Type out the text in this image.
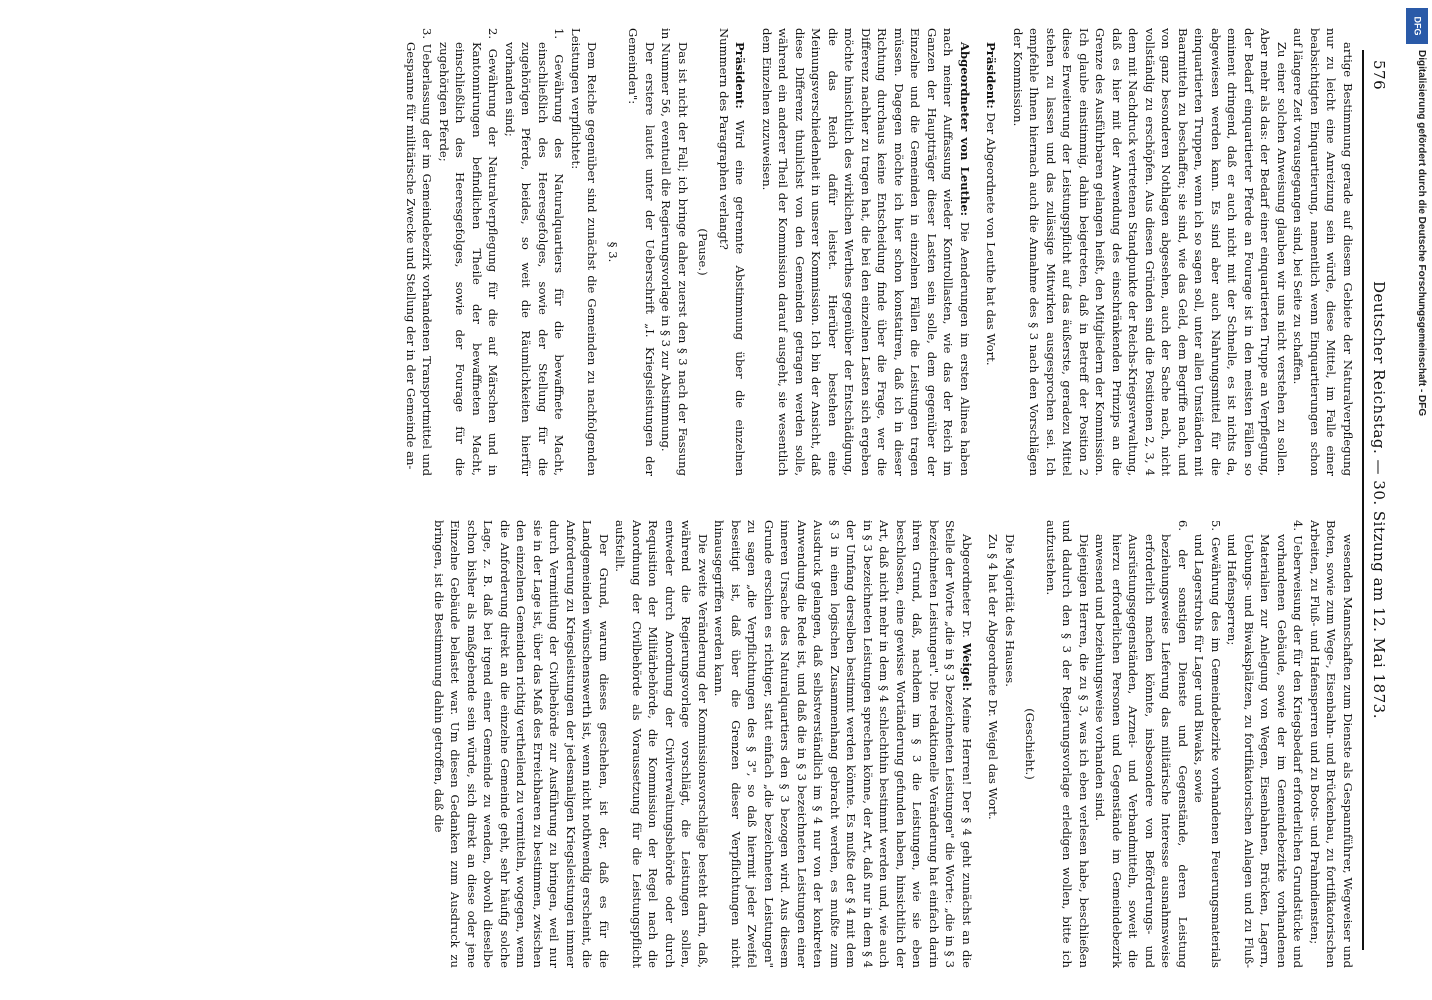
576
Deutscher Reichstag. — 30. Sitzung am 12. Mai 1873.

artige Bestimmung gerade auf diesem Gebiete der Naturalverpflegung nur zu leicht eine Anreizung sein würde, diese Mittel, im Falle einer beabsichtigten Einquartierung, namentlich wenn Einquartierungen schon auf längere Zeit vorausgegangen sind, bei Seite zu schaffen.

Zu einer solchen Anweisung glauben wir uns nicht verstehen zu sollen. Aber mehr als das: der Bedarf einer einquartierten Truppe an Verpflegung, der Bedarf einquartierter Pferde an Fourage ist in den meisten Fällen so eminent dringend, daß er auch nicht mit der Schnelle, es ist nichts da, abgewiesen werden kann. Es sind aber auch Nahrungsmittel für die einquartierten Truppen, wenn ich so sagen soll, unter allen Umständen mit Baarmitteln zu beschaffen; sie sind, wie das Geld, dem Begriffe nach, und von ganz besonderen Nothlagen abgesehen, auch der Sache nach, nicht vollständig zu erschöpfen. Aus diesen Gründen sind die Positionen 2, 3, 4 dem mit Nachdruck vertretenen Standpunkte der Reichs-Kriegsverwaltung, daß es hier mit der Anwendung des einschränkenden Prinzips an die Grenze des Ausführbaren gelangen heißt, den Mitgliedern der Kommission. Ich glaube einstimmig, dahin beigetreten, daß in Betreff der Position 2 diese Erweiterung der Leistungspflicht auf das äußerste, geradezu Mittel stehen zu lassen und das zulässige Mitwirken ausgesprochen sei. Ich empfehle Ihnen hiernach auch die Annahme des § 3 nach den Vorschlägen der Kommission.

Präsident: Der Abgeordnete von Leuthe hat das Wort.

Abgeordneter von Leuthe: Die Aenderungen im ersten Alinea haben nach meiner Auffassung wieder Kontrolllasten, wie das der Reich im Ganzen der Hauptträger dieser Lasten sein solle, dem gegenüber der Einzelne und die Gemeinden in einzelnen Fällen die Leistungen tragen müssen. Dagegen möchte ich hier schon konstatiren, daß ich in dieser Richtung durchaus keine Entscheidung finde über die Frage, wer die Differenz nachher zu tragen hat, die bei den einzelnen Lasten sich ergeben möchte hinsichtlich des wirklichen Werthes gegenüber der Entschädigung, die das Reich dafür leistet. Hierüber bestehen eine Meinungsverschiedenheit in unserer Kommission. Ich bin der Ansicht, daß diese Differenz thunlichst von den Gemeinden getragen werden solle, während ein anderer Theil der Kommission darauf ausgeht, sie wesentlich dem Einzelnen zuzuweisen.

Präsident: Wird eine getrennte Abstimmung über die einzelnen Nummern des Paragraphen verlangt?

(Pause.)

Das ist nicht der Fall; ich bringe daher zuerst den § 3 nach der Fassung in Nummer 56, eventuell die Regierungsvorlage in § 3 zur Abstimmung.

Der erstere lautet unter der Ueberschrift „I. Kriegsleistungen der Gemeinden":

§ 3.

Dem Reiche gegenüber sind zunächst die Gemeinden zu nachfolgenden Leistungen verpflichtet:

1. Gewährung des Naturalquartiers für die bewaffnete Macht, einschließlich des Heeresgefolges, sowie der Stellung für die zugehörigen Pferde, beides, so weit die Räumlichkeiten hierfür vorhanden sind;

2. Gewährung der Naturalverpflegung für die auf Märschen und in Kantonnirungen befindlichen Theile der bewaffneten Macht, einschließlich des Heeresgefolges, sowie der Fourage für die zugehörigen Pferde;

3. Ueberlassung der im Gemeindebezirk vorhandenen Transportmittel und Gespanne für militärische Zwecke und Stellung der in der Gemeinde an-

wesenden Mannschaften zum Dienste als Gespannführer, Wegweiser und Boten, sowie zum Wege-, Eisenbahn- und Brückenbau, zu fortifikatorischen Arbeiten, zu Fluß- und Hafensperren und zu Boots- und Prahmdiensten;

4. Ueberweisung der für den Kriegsbedarf erforderlichen Grundstücke und vorhandenen Gebäude, sowie der im Gemeindebezirke vorhandenen Materialien zur Anlegung von Wegen, Eisenbahnen, Brücken, Lagern, Uebungs- und Biwaksplätzen, zu fortifikatorischen Anlagen und zu Fluß- und Hafensperren;

5. Gewährung des im Gemeindebezirke vorhandenen Feuerungsmaterials und Lagerstrohs für Lager und Biwaks, sowie

6. der sonstigen Dienste und Gegenstände, deren Leistung beziehungsweise Lieferung das militärische Interesse ausnahmsweise erforderlich machen könnte, insbesondere von Beförderungs- und Ausrüstungsgegenständen, Arznei- und Verbandmitteln, soweit die hierzu erforderlichen Personen und Gegenstände im Gemeindebezirk anwesend und beziehungsweise vorhanden sind.

Diejenigen Herren, die zu § 3, was ich eben verlesen habe, beschließen und dadurch den § 3 der Regierungsvorlage erledigen wollen, bitte ich aufzustehen.

(Geschieht.)

Die Majorität des Hauses.

Zu § 4 hat der Abgeordnete Dr. Weigel das Wort.

Abgeordneter Dr. Weigel: Meine Herren! Der § 4 geht zunächst an die Stelle der Worte „die in § 3 bezeichneten Leistungen" die Worte: „die in § 3 bezeichneten Leistungen". Die redaktionelle Veränderung hat einfach darin ihren Grund, daß, nachdem im § 3 die Leistungen, wie sie eben beschlossen, eine gewisse Wortänderung gefunden haben, hinsichtlich der Art, daß nicht mehr in dem § 4 schlechthin bestimmt werden und, wie auch in § 3 bezeichneten Leistungen sprechen könne, der Art, daß nur in dem § 4 der Umfang derselben bestimmt werden könnte. Es mußte der § 4 mit dem § 3 in einen logischen Zusammenhang gebracht werden, es mußte zum Ausdruck gelangen, daß selbstverständlich im § 4 nur von der konkreten Anwendung die Rede ist, und daß die in § 3 bezeichneten Leistungen einer inneren Ursache des Naturalquartiers den § 3 bezogen wird. Aus diesem Grunde erschien es richtiger, statt einfach „die bezeichneten Leistungen" zu sagen „die Verpflichtungen des § 3", so daß hiermit jeder Zweifel beseitigt ist, daß über die Grenzen dieser Verpflichtungen nicht hinausgegriffen werden kann.

Die zweite Veränderung der Kommissionsvorschläge besteht darin, daß, während die Regierungsvorlage vorschlägt, die Leistungen sollen, entweder durch Anordnung der Civilverwaltungsbehörde oder durch Requisition der Militärbehörde, die Kommission der Regel nach die Anordnung der Civilbehörde als Voraussetzung für die Leistungspflicht aufstellt.

Der Grund, warum dieses geschehen, ist der, daß es für die Landgemeinden wünschenswerth ist, wenn nicht nothwendig erscheint, die Anforderung zu Kriegsleistungen der jedesmaligen Kriegsleistungen immer durch Vermittlung der Civilbehörde zur Ausführung zu bringen, weil nur sie in der Lage ist, über das Maß des Erreichbaren zu bestimmen, zwischen den einzelnen Gemeinden richtig vertheilend zu vermitteln, wogegen, wenn die Anforderung direkt an die einzelne Gemeinde geht, sehr häufig solche Lage, z. B. daß bei irgend einer Gemeinde zu wenden, obwohl dieselbe schon bisher als maßgebende sein würde, sich direkt an diese oder jene Einzelne Gebäude belastet war. Um diesen Gedanken zum Ausdruck zu bringen, ist die Bestimmung dahin getroffen, daß die

DFG
Digitalisierung gefördert durch die Deutsche Forschungsgemeinschaft - DFG
